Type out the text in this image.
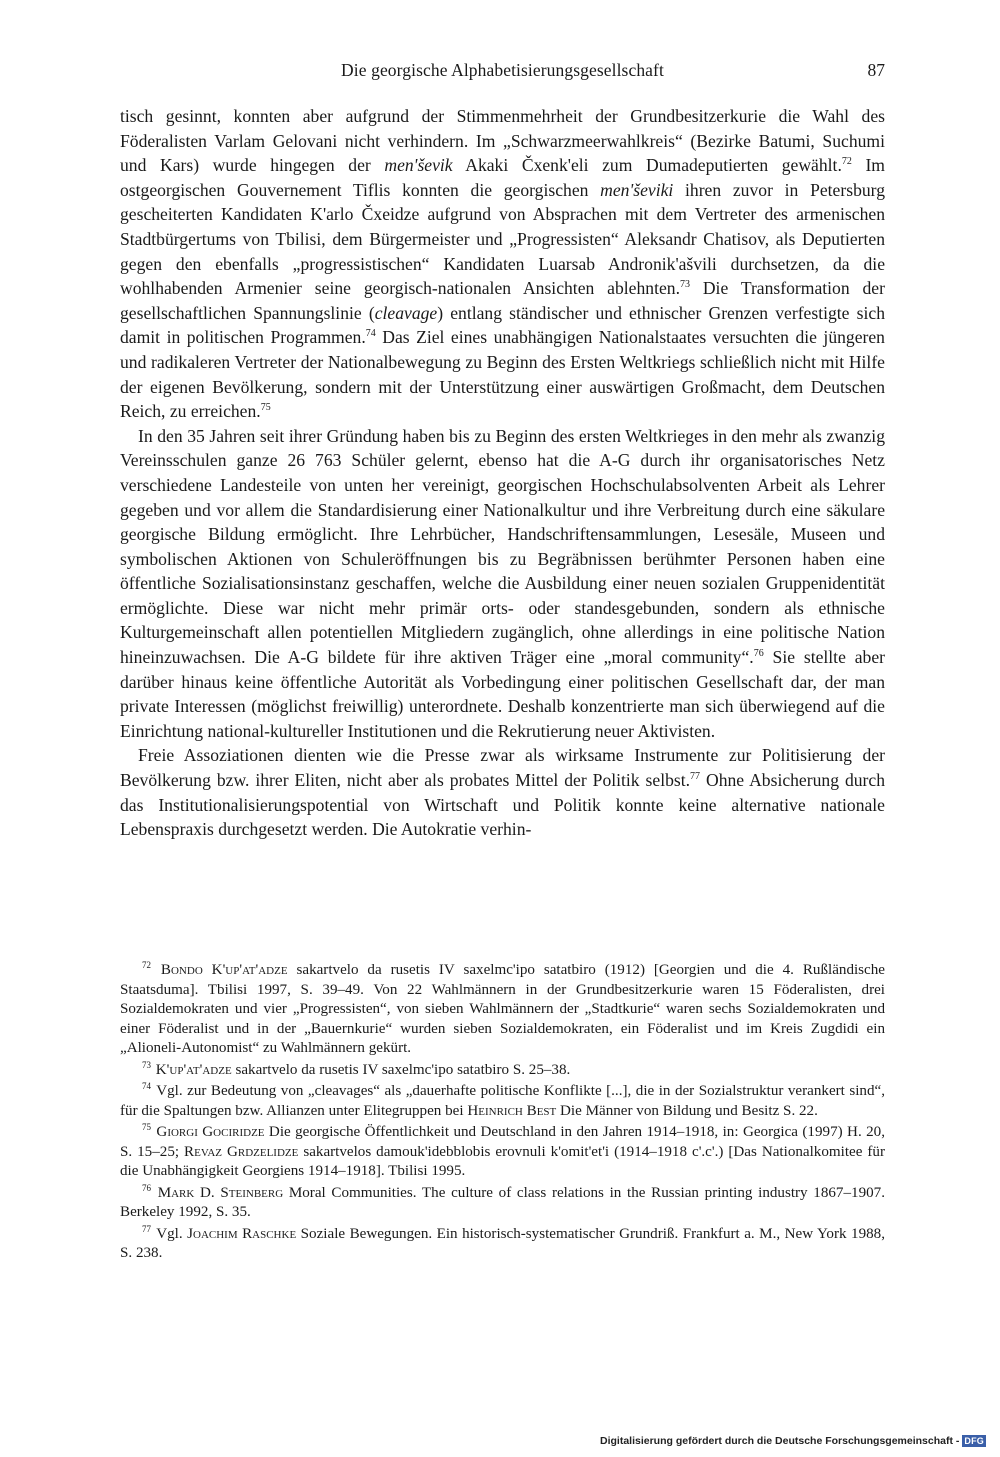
Die georgische Alphabetisierungsgesellschaft	87

tisch gesinnt, konnten aber aufgrund der Stimmenmehrheit der Grundbesitzerkurie die Wahl des Föderalisten Varlam Gelovani nicht verhindern. Im „Schwarzmeerwahlkreis“ (Bezirke Batumi, Suchumi und Kars) wurde hingegen der men'ševik Akaki Čxenk'eli zum Dumadeputierten gewählt.$^{72}$ Im ostgeorgischen Gouvernement Tiflis konnten die georgischen men'ševiki ihren zuvor in Petersburg gescheiterten Kandidaten K'arlo Čxeidze aufgrund von Absprachen mit dem Vertreter des armenischen Stadtbürgertums von Tbilisi, dem Bürgermeister und „Progressisten“ Aleksandr Chatisov, als Deputierten gegen den ebenfalls „progressistischen“ Kandidaten Luarsab Andronik'ašvili durchsetzen, da die wohlhabenden Armenier seine georgisch-nationalen Ansichten ablehnten.$^{73}$ Die Transformation der gesellschaftlichen Spannungslinie (cleavage) entlang ständischer und ethnischer Grenzen verfestigte sich damit in politischen Programmen.$^{74}$ Das Ziel eines unabhängigen Nationalstaates versuchten die jüngeren und radikaleren Vertreter der Nationalbewegung zu Beginn des Ersten Weltkriegs schließlich nicht mit Hilfe der eigenen Bevölkerung, sondern mit der Unterstützung einer auswärtigen Großmacht, dem Deutschen Reich, zu erreichen.$^{75}$

In den 35 Jahren seit ihrer Gründung haben bis zu Beginn des ersten Weltkrieges in den mehr als zwanzig Vereinsschulen ganze 26 763 Schüler gelernt, ebenso hat die A-G durch ihr organisatorisches Netz verschiedene Landesteile von unten her vereinigt, georgischen Hochschulabsolventen Arbeit als Lehrer gegeben und vor allem die Standardisierung einer Nationalkultur und ihre Verbreitung durch eine säkulare georgische Bildung ermöglicht. Ihre Lehrbücher, Handschriftensammlungen, Lesesäle, Museen und symbolischen Aktionen von Schuleröffnungen bis zu Begräbnissen berühmter Personen haben eine öffentliche Sozialisationsinstanz geschaffen, welche die Ausbildung einer neuen sozialen Gruppenidentität ermöglichte. Diese war nicht mehr primär orts- oder standesgebunden, sondern als ethnische Kulturgemeinschaft allen potentiellen Mitgliedern zugänglich, ohne allerdings in eine politische Nation hineinzuwachsen. Die A-G bildete für ihre aktiven Träger eine „moral community“.$^{76}$ Sie stellte aber darüber hinaus keine öffentliche Autorität als Vorbedingung einer politischen Gesellschaft dar, der man private Interessen (möglichst freiwillig) unterordnete. Deshalb konzentrierte man sich überwiegend auf die Einrichtung national-kultureller Institutionen und die Rekrutierung neuer Aktivisten.

Freie Assoziationen dienten wie die Presse zwar als wirksame Instrumente zur Politisierung der Bevölkerung bzw. ihrer Eliten, nicht aber als probates Mittel der Politik selbst.$^{77}$ Ohne Absicherung durch das Institutionalisierungspotential von Wirtschaft und Politik konnte keine alternative nationale Lebenspraxis durchgesetzt werden. Die Autokratie verhin-

$^{72}$ Bondo K'up'at'adze sakartvelo da rusetis IV saxelmc'ipo satatbiro (1912) [Georgien und die 4. Rußländische Staatsduma]. Tbilisi 1997, S. 39–49. Von 22 Wahlmännern in der Grundbesitzerkurie waren 15 Föderalisten, drei Sozialdemokraten und vier „Progressisten“, von sieben Wahlmännern der „Stadtkurie“ waren sechs Sozialdemokraten und einer Föderalist und in der „Bauernkurie“ wurden sieben Sozialdemokraten, ein Föderalist und im Kreis Zugdidi ein „Alioneli-Autonomist“ zu Wahlmännern gekürt.

$^{73}$ K'up'at'adze sakartvelo da rusetis IV saxelmc'ipo satatbiro S. 25–38.

$^{74}$ Vgl. zur Bedeutung von „cleavages“ als „dauerhafte politische Konflikte [...], die in der Sozialstruktur verankert sind“, für die Spaltungen bzw. Allianzen unter Elitegruppen bei Heinrich Best Die Männer von Bildung und Besitz S. 22.

$^{75}$ Giorgi Gociridze Die georgische Öffentlichkeit und Deutschland in den Jahren 1914–1918, in: Georgica (1997) H. 20, S. 15–25; Revaz Grdzelidze sakartvelos damouk'idebblobis erovnuli k'omit'et'i (1914–1918 c'.c'.) [Das Nationalkomitee für die Unabhängigkeit Georgiens 1914–1918]. Tbilisi 1995.

$^{76}$ Mark D. Steinberg Moral Communities. The culture of class relations in the Russian printing industry 1867–1907. Berkeley 1992, S. 35.

$^{77}$ Vgl. Joachim Raschke Soziale Bewegungen. Ein historisch-systematischer Grundriß. Frankfurt a. M., New York 1988, S. 238.

Digitalisierung gefördert durch die Deutsche Forschungsgemeinschaft - DFG
